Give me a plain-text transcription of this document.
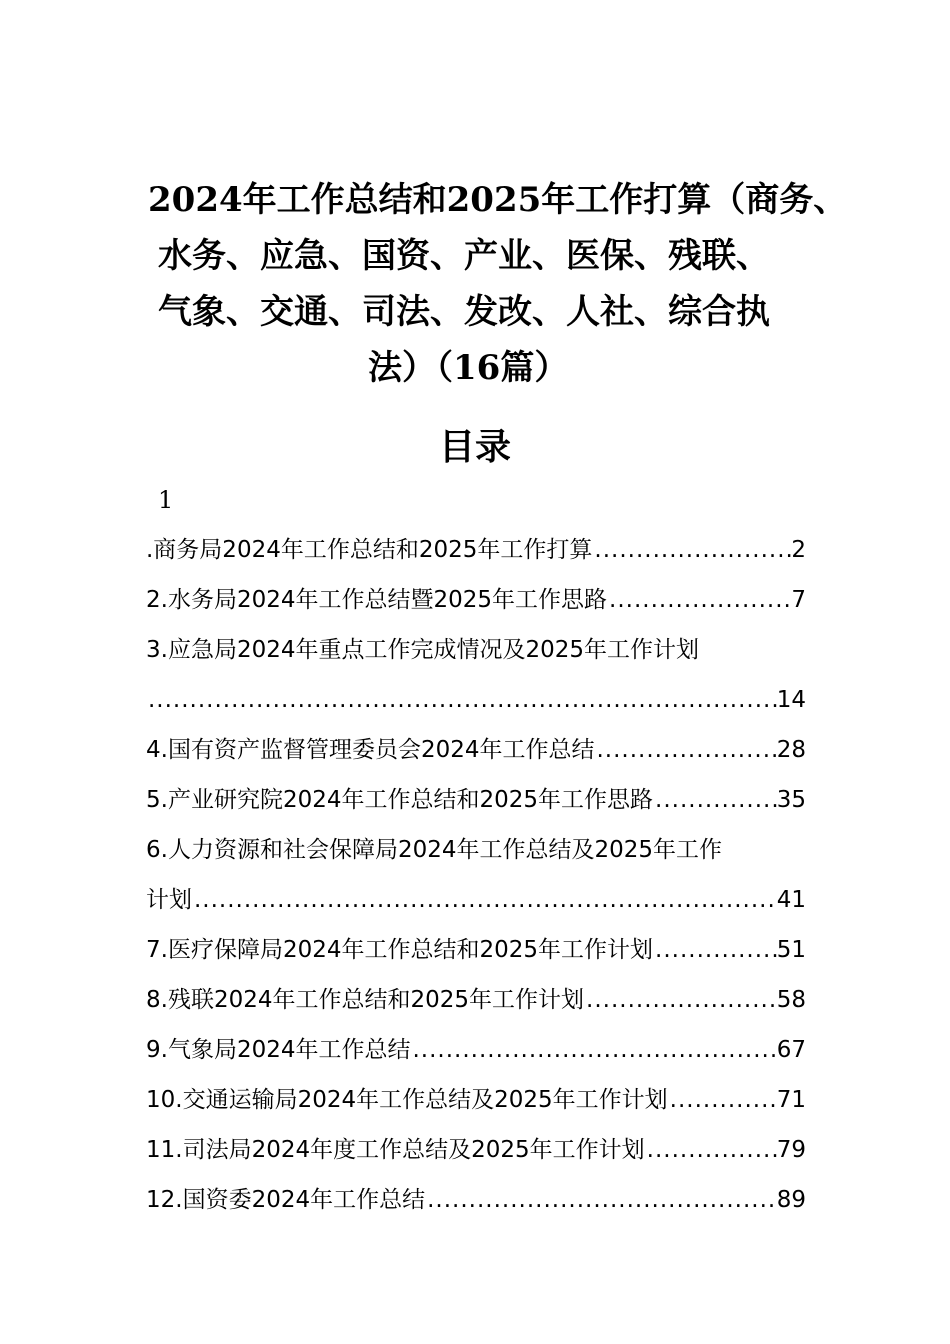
2024年工作总结和2025年工作打算（商务、
水务、应急、国资、产业、医保、残联、
气象、交通、司法、发改、人社、综合执
法）（16篇）
目录
1
.商务局2024年工作总结和2025年工作打算 .....	2
2.水务局2024年工作总结暨2025年工作思路 .....	7
3.应急局2024年重点工作完成情况及2025年工作计划
.....
14
4.国有资产监督管理委员会2024年工作总结 .....	28
5.产业研究院2024年工作总结和2025年工作思路 .....	35
6.人力资源和社会保障局2024年工作总结及2025年工作
计划 .....	41
7.医疗保障局2024年工作总结和2025年工作计划 .....	51
8.残联2024年工作总结和2025年工作计划 .....	58
9.气象局2024年工作总结 .....	67
10.交通运输局2024年工作总结及2025年工作计划 .....	71
11.司法局2024年度工作总结及2025年工作计划 .....	79
12.国资委2024年工作总结 .....	89
